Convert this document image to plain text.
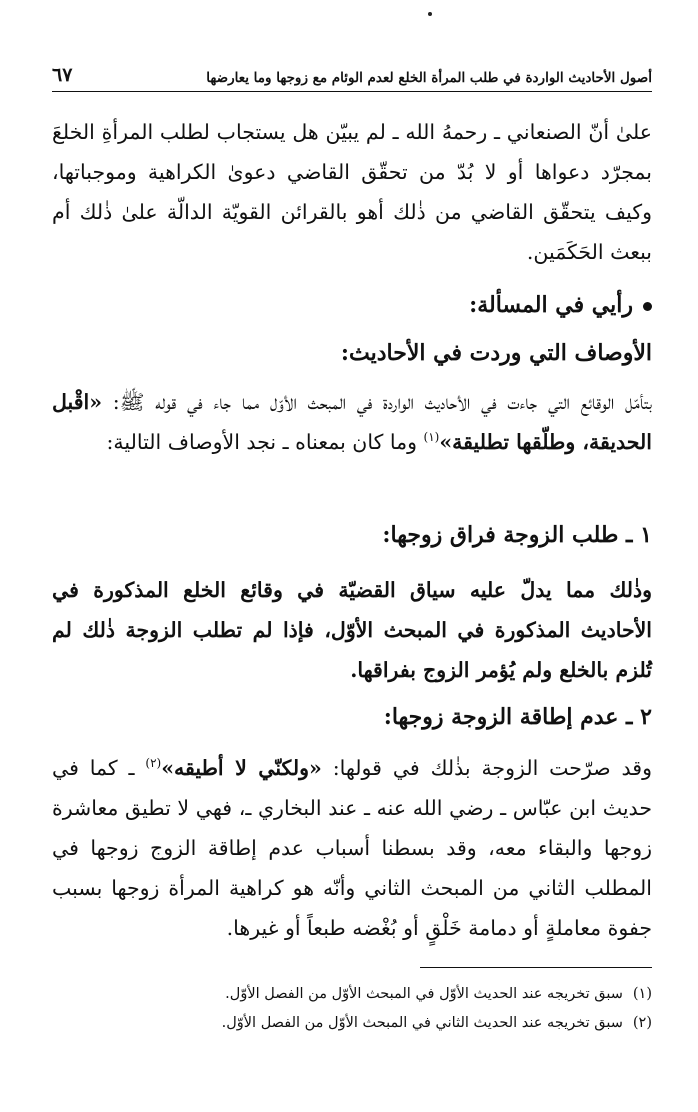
أصول الأحاديث الواردة في طلب المرأة الخلع لعدم الوئام مع زوجها وما يعارضها
٦٧
علىٰ أنّ الصنعاني ـ رحمهُ الله ـ لم يبيّن هل يستجاب لطلب المرأةِ الخلعَ بمجرّد دعواها أو لا بُدّ من تحقّق القاضي دعوىٰ الكراهية وموجباتها، وكيف يتحقّق القاضي من ذٰلك أهو بالقرائن القويّة الدالّة علىٰ ذٰلك أم ببعث الحَكَمَين.
رأيي في المسألة:
الأوصاف التي وردت في الأحاديث:
بتأمّل الوقائع التي جاءت في الأحاديث الواردة في المبحث الأوّل مما جاء في قوله ﷺ: «اقْبل الحديقة، وطلّقها تطليقة»$^{(١)}$ وما كان بمعناه ـ نجد الأوصاف التالية:
١ ـ طلب الزوجة فراق زوجها:
وذٰلك مما يدلّ عليه سياق القضيّة في وقائع الخلع المذكورة في الأحاديث المذكورة في المبحث الأوّل، فإذا لم تطلب الزوجة ذٰلك لم تُلزم بالخلع ولم يُؤمر الزوج بفراقها.
٢ ـ عدم إطاقة الزوجة زوجها:
وقد صرّحت الزوجة بذٰلك في قولها: «ولكنّي لا أطيقه»$^{(٢)}$ ـ كما في حديث ابن عبّاس ـ رضي الله عنه ـ عند البخاري ـ، فهي لا تطيق معاشرة زوجها والبقاء معه، وقد بسطنا أسباب عدم إطاقة الزوج زوجها في المطلب الثاني من المبحث الثاني وأنّه هو كراهية المرأة زوجها بسبب جفوة معاملةٍ أو دمامة خَلْقٍ أو بُغْضه طبعاً أو غيرها.
(١)سبق تخريجه عند الحديث الأوّل في المبحث الأوّل من الفصل الأوّل.
(٢)سبق تخريجه عند الحديث الثاني في المبحث الأوّل من الفصل الأوّل.
